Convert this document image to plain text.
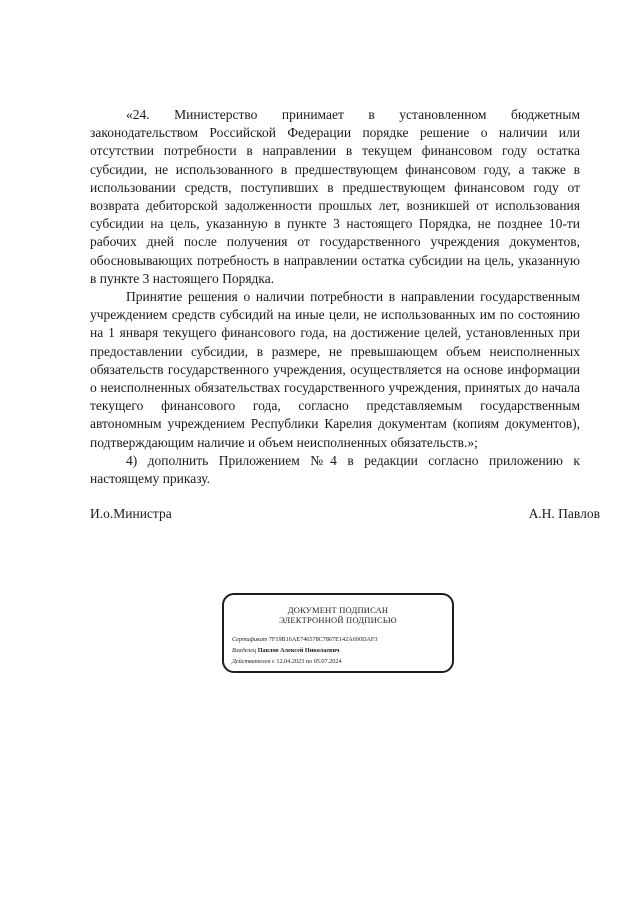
«24. Министерство принимает в установленном бюджетным законодательством Российской Федерации порядке решение о наличии или отсутствии потребности в направлении в текущем финансовом году остатка субсидии, не использованного в предшествующем финансовом году, а также в использовании средств, поступивших в предшествующем финансовом году от возврата дебиторской задолженности прошлых лет, возникшей от использования субсидии на цель, указанную в пункте 3 настоящего Порядка, не позднее 10-ти рабочих дней после получения от государственного учреждения документов, обосновывающих потребность в направлении остатка субсидии на цель, указанную в пункте 3 настоящего Порядка.

Принятие решения о наличии потребности в направлении государственным учреждением средств субсидий на иные цели, не использованных им по состоянию на 1 января текущего финансового года, на достижение целей, установленных при предоставлении субсидии, в размере, не превышающем объем неисполненных обязательств государственного учреждения, осуществляется на основе информации о неисполненных обязательствах государственного учреждения, принятых до начала текущего финансового года, согласно представляемым государственным автономным учреждением Республики Карелия документам (копиям документов), подтверждающим наличие и объем неисполненных обязательств.»;

4) дополнить Приложением №4 в редакции согласно приложению к настоящему приказу.

И.о.Министра	А.Н. Павлов
ДОКУМЕНТ ПОДПИСАН
ЭЛЕКТРОННОЙ ПОДПИСЬЮ
Сертификат 7F19B16AE746578C7867E142A690DAF3
Владелец Павлов Алексей Николаевич
Действителен с 12.04.2023 по 05.07.2024
